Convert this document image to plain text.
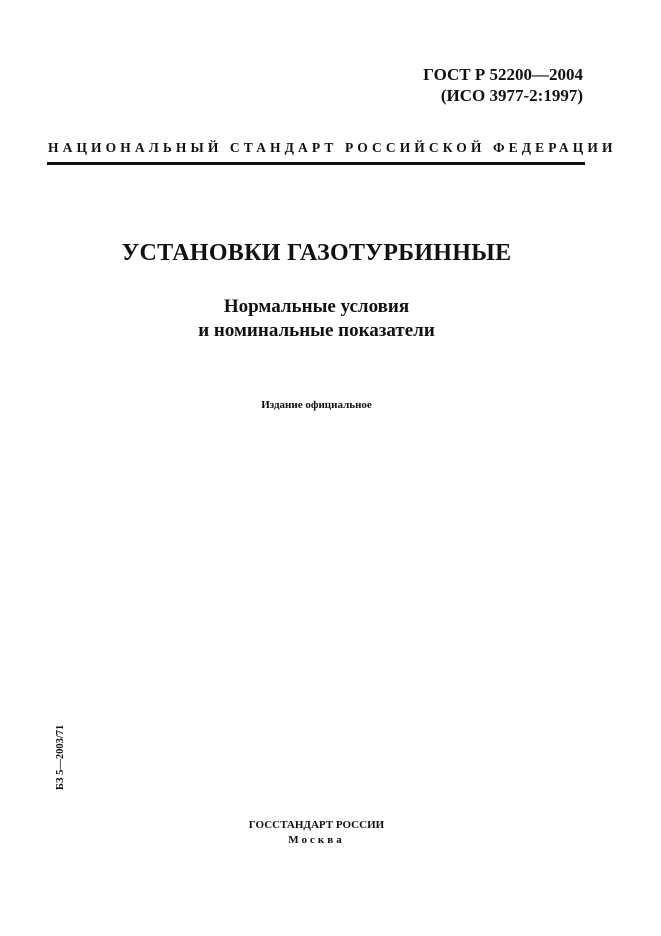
ГОСТ Р 52200—2004
(ИСО 3977-2:1997)
НАЦИОНАЛЬНЫЙ СТАНДАРТ РОССИЙСКОЙ ФЕДЕРАЦИИ
УСТАНОВКИ ГАЗОТУРБИННЫЕ
Нормальные условия
и номинальные показатели
Издание официальное
БЗ 5—2003/71
ГОССТАНДАРТ РОССИИ
Москва
